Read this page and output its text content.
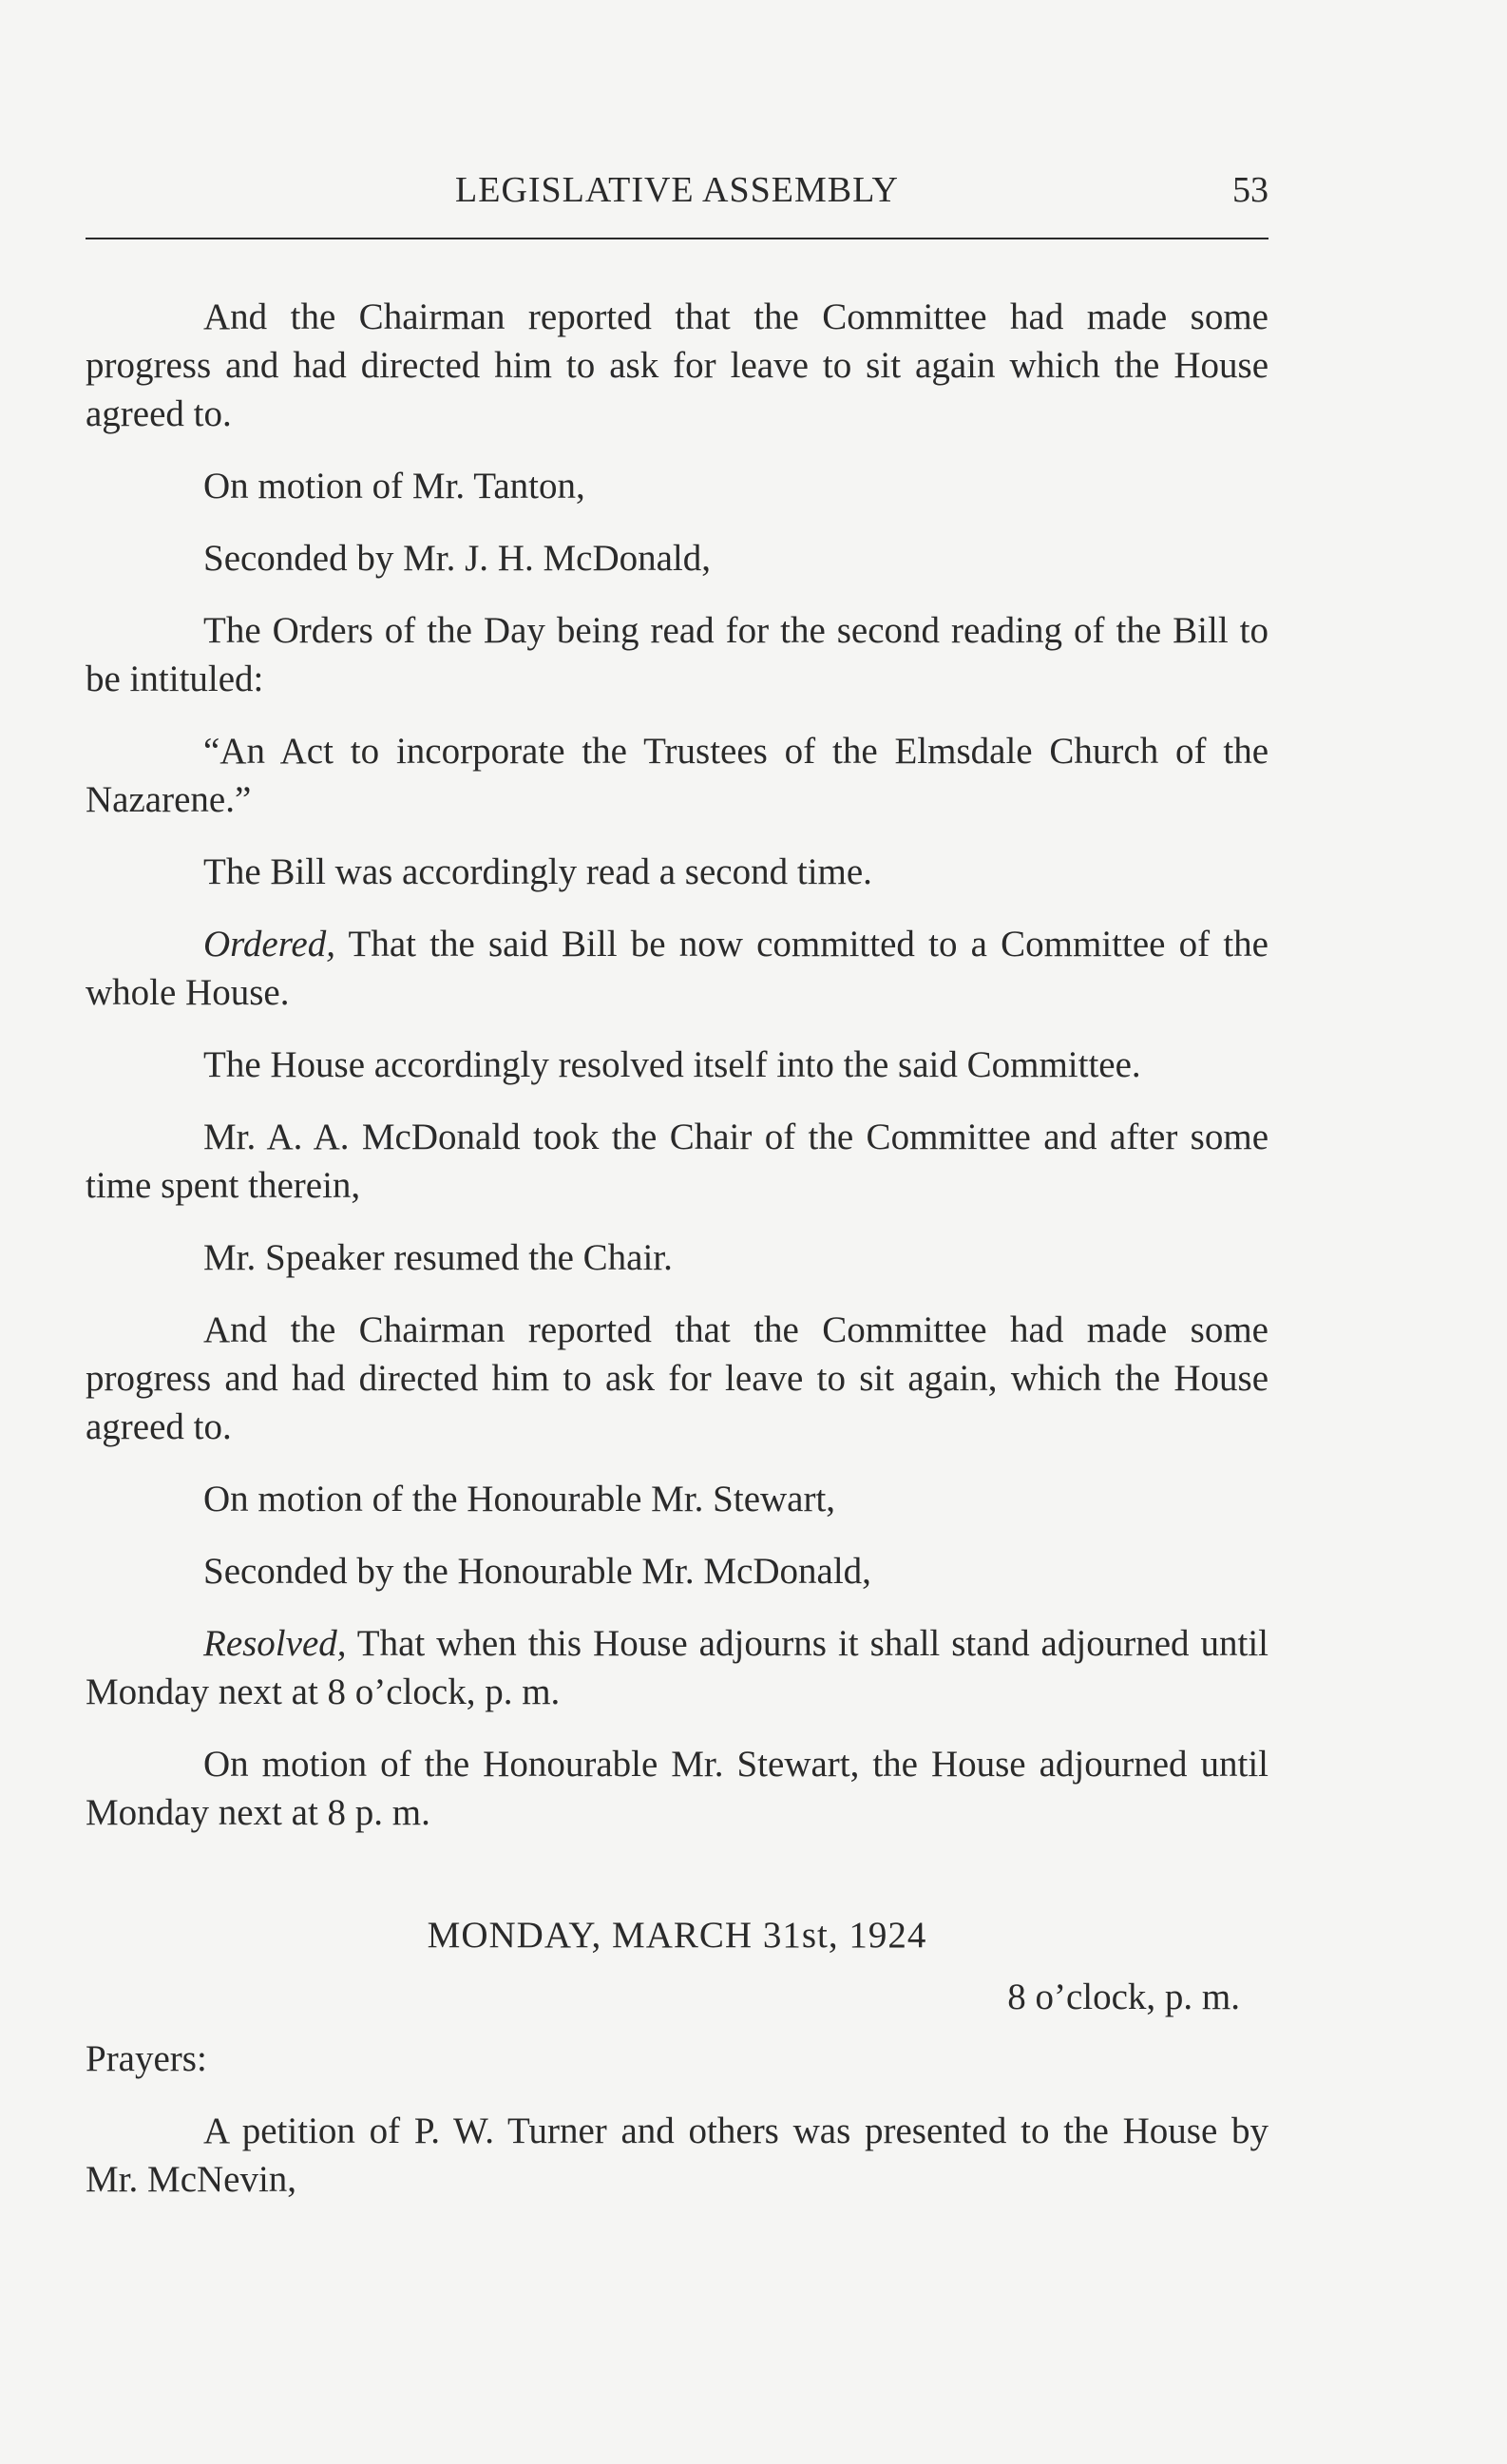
LEGISLATIVE ASSEMBLY	53

And the Chairman reported that the Committee had made some progress and had directed him to ask for leave to sit again which the House agreed to.

On motion of Mr. Tanton,

Seconded by Mr. J. H. McDonald,

The Orders of the Day being read for the second reading of the Bill to be intituled:

“An Act to incorporate the Trustees of the Elmsdale Church of the Nazarene.”

The Bill was accordingly read a second time.

Ordered, That the said Bill be now committed to a Committee of the whole House.

The House accordingly resolved itself into the said Committee.

Mr. A. A. McDonald took the Chair of the Committee and after some time spent therein,

Mr. Speaker resumed the Chair.

And the Chairman reported that the Committee had made some progress and had directed him to ask for leave to sit again, which the House agreed to.

On motion of the Honourable Mr. Stewart,

Seconded by the Honourable Mr. McDonald,

Resolved, That when this House adjourns it shall stand adjourned until Monday next at 8 o’clock, p. m.

On motion of the Honourable Mr. Stewart, the House adjourned until Monday next at 8 p. m.

MONDAY, MARCH 31st, 1924
8 o’clock, p. m.
Prayers:

A petition of P. W. Turner and others was presented to the House by Mr. McNevin,
